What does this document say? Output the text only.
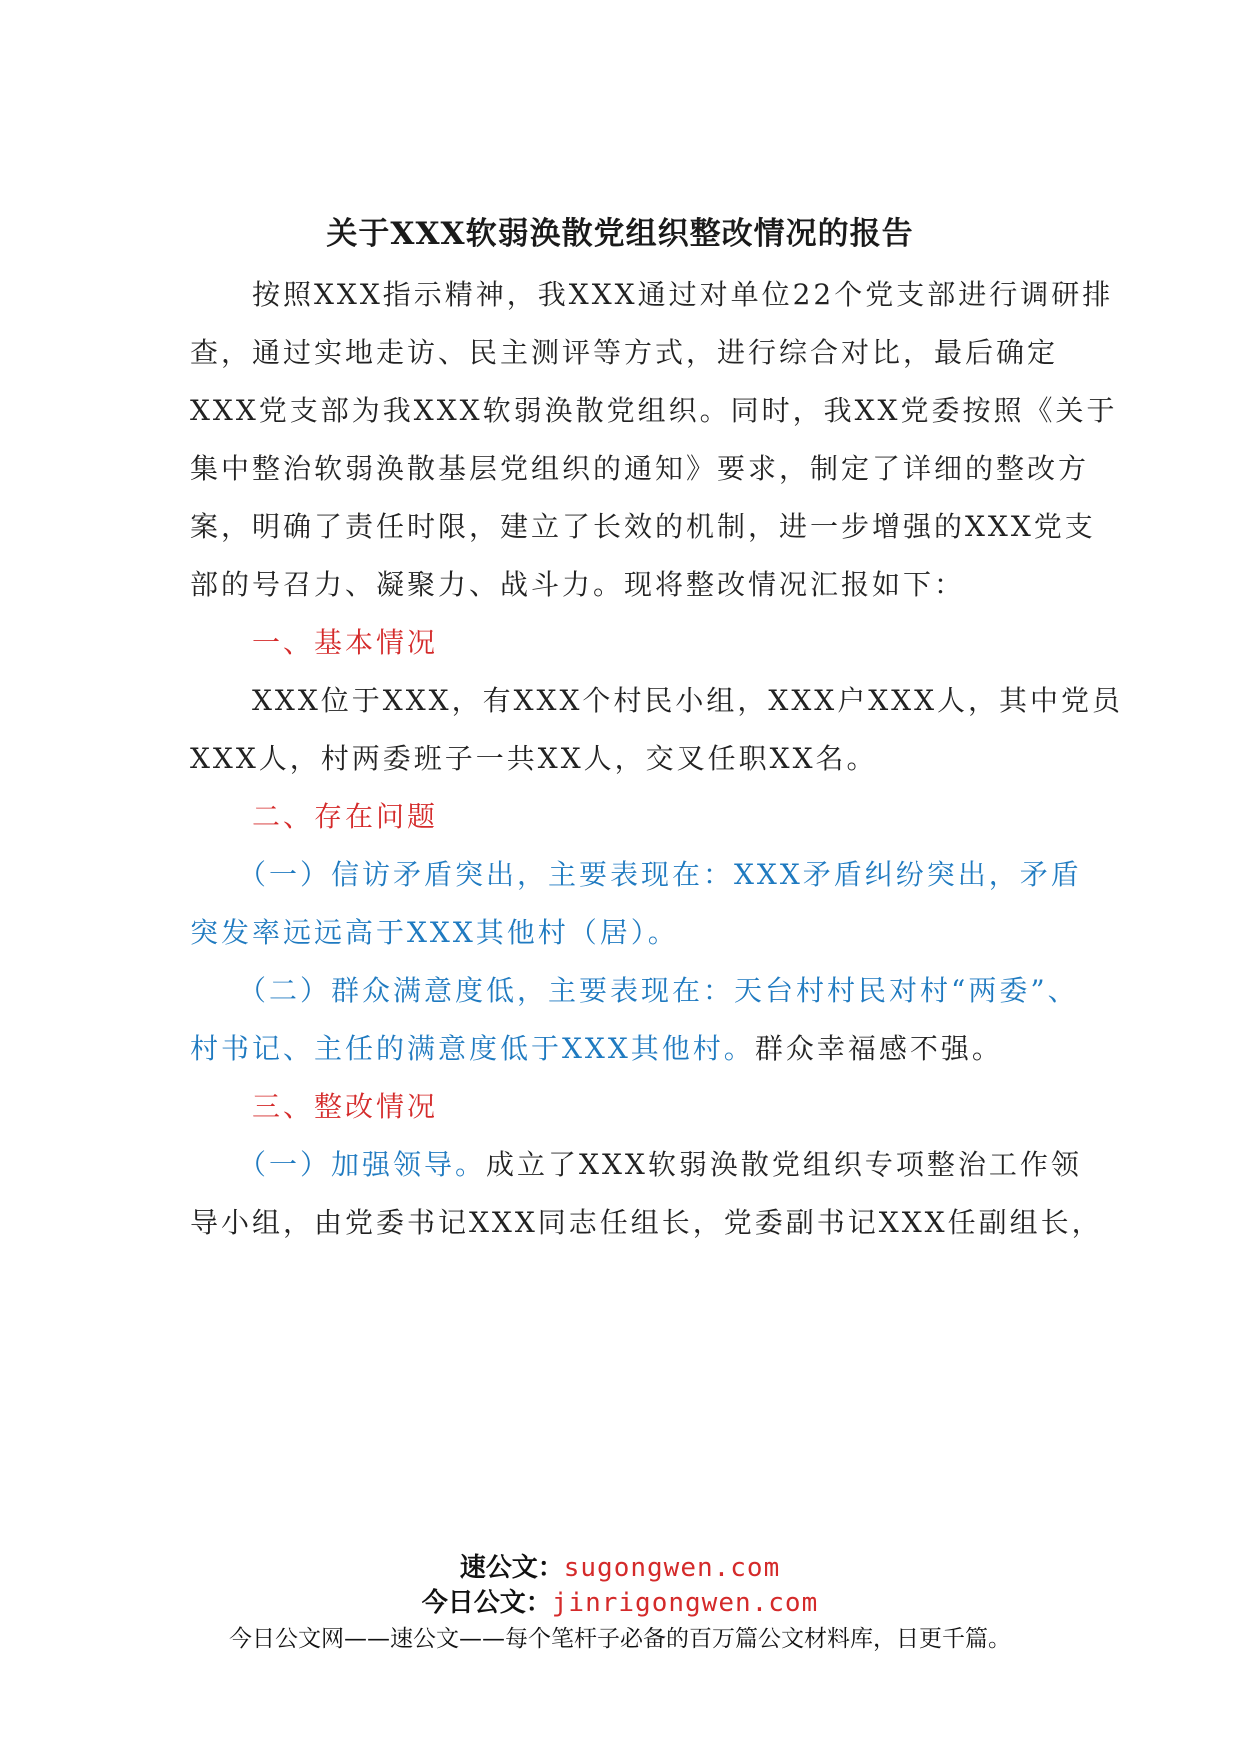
关于XXX软弱涣散党组织整改情况的报告
　　按照XXX指示精神，我XXX通过对单位22个党支部进行调研排
查，通过实地走访、民主测评等方式，进行综合对比，最后确定
XXX党支部为我XXX软弱涣散党组织。同时，我XX党委按照《关于
集中整治软弱涣散基层党组织的通知》要求，制定了详细的整改方
案，明确了责任时限，建立了长效的机制，进一步增强的XXX党支
部的号召力、凝聚力、战斗力。现将整改情况汇报如下：
　　一、基本情况
　　XXX位于XXX，有XXX个村民小组，XXX户XXX人，其中党员
XXX人，村两委班子一共XX人，交叉任职XX名。
　　二、存在问题
　　（一）信访矛盾突出，主要表现在：XXX矛盾纠纷突出，矛盾
突发率远远高于XXX其他村（居）。
　　（二）群众满意度低，主要表现在：天台村村民对村“两委”、
村书记、主任的满意度低于XXX其他村。群众幸福感不强。
　　三、整改情况
　　（一）加强领导。成立了XXX软弱涣散党组织专项整治工作领
导小组，由党委书记XXX同志任组长，党委副书记XXX任副组长，
速公文：sugongwen.com
今日公文：jinrigongwen.com
今日公文网——速公文——每个笔杆子必备的百万篇公文材料库，日更千篇。
